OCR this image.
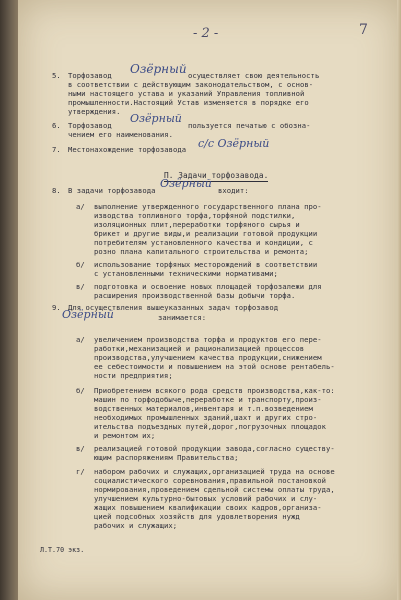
- 2 -	7
5. Торфозавод Озёрный осуществляет свою деятельность
в соответствии с действующим законодательством, с основ-
ными настоящего устава и указаний Управления топливной
промышленности.Настоящий Устав изменяется в порядке его
утверждения.
6. Торфозавод
Озёрный
пользуется печатью с обозна-
чением его наименования.
7. Местонахождение торфозавода с/с Озёрный
П. Задачи торфозавода.
8. В задачи торфозавода
Озёрный
входит:
а/ выполнение утвержденного государственного плана про-
изводства топливного торфа,торфяной подстилки,
изоляционных плит,переработки торфяного сырья и
брикет и другие виды,и реализации готовой продукции
потребителям установленного качества и кондиции, с
розно плана капитального строительства и ремонта;
б/ использование торфяных месторождений в соответствии
с установленными техническими нормативами;
в/ подготовка и освоение новых площадей торфозалежи для
расширения производственной базы добычи торфа.
9. Для осуществления вышеуказанных задач торфозавод
Озёрный	занимается:
а/ увеличением производства торфа и продуктов его пере-
работки,механизацией и рационализацией процессов
производства,улучшением качества продукции,снижением
ее себестоимости и повышением на этой основе рентабель-
ности предприятия;
б/ Приобретением всякого рода средств производства,как-то:
машин по торфодобыче,переработке и транспорту,произ-
водственных материалов,инвентаря и т.п.возведением
необходимых промышленных зданий,шахт и других стро-
ительства подъездных путей,дорог,погрузочных площадок
и ремонтом их;
в/ реализацией готовой продукции завода,согласно существу-
ющим распоряжениям Правительства;
г/ набором рабочих и служащих,организацией труда на основе
социалистического соревнования,правильной постановкой
нормирования,проведением сдельной системы оплаты труда,
улучшением культурно-бытовых условий рабочих и слу-
жащих повышением квалификации своих кадров,организа-
цией подсобных хозяйств для удовлетворения нужд
рабочих и служащих;
Л.Т.70 экз.
